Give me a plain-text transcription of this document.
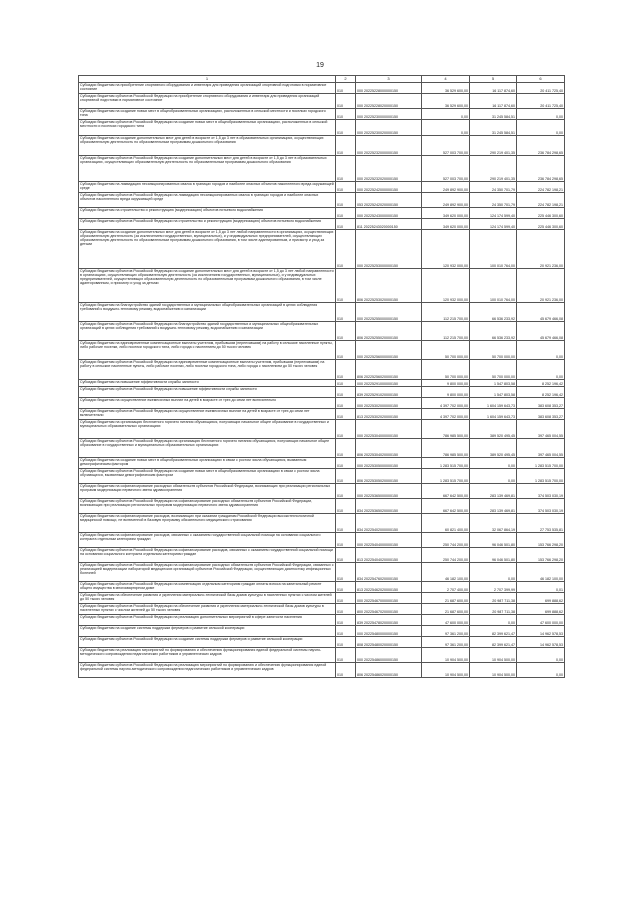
19
1	2	3	4	5	6
Субсидии бюджетам на приобретение спортивного оборудования и инвентаря для приведения организаций спортивной подготовки в нормативное состояние	010	000 20225228000000150	36 529 600,00	16 117 874,60	20 411 725,40
Субсидии бюджетам субъектов Российской Федерации на приобретение спортивного оборудования и инвентаря для приведения организаций спортивной подготовки в нормативное состояние	010	000 20225228020000150	36 529 600,00	16 117 874,60	20 411 725,40
Субсидии бюджетам на создание новых мест в общеобразовательных организациях, расположенных в сельской местности и поселках городского типа	010	000 20225230000000150	0,00	31 245 584,51	0,00
Субсидии бюджетам субъектов Российской Федерации на создание новых мест в общеобразовательных организациях, расположенных в сельской местности и поселках городского типа	010	000 20225230020000150	0,00	31 245 584,51	0,00
Субсидии бюджетам на создание дополнительных мест для детей в возрасте от 1,5 до 3 лет в образовательных организациях, осуществляющих образовательную деятельность по образовательным программам дошкольного образования	010	000 20225232000000150	527 003 700,00	290 219 401,35	236 784 298,65
Субсидии бюджетам субъектов Российской Федерации на создание дополнительных мест для детей в возрасте от 1,5 до 3 лет в образовательных организациях, осуществляющих образовательную деятельность по образовательным программам дошкольного образования	010	000 20225232020000150	527 003 700,00	290 219 401,35	236 784 298,65
Субсидии бюджетам на ликвидацию несанкционированных свалок в границах городов и наиболее опасных объектов накопленного вреда окружающей среде	010	000 20225242000000150	249 892 900,00	24 350 701,79	224 782 198,21
Субсидии бюджетам субъектов Российской Федерации на ликвидацию несанкционированных свалок в границах городов и наиболее опасных объектов накопленного вреда окружающей среде	010	053 20225242020000150	249 892 900,00	24 350 701,79	224 782 198,21
Субсидии бюджетам на строительство и реконструкцию (модернизацию) объектов питьевого водоснабжения	010	000 20225243000000150	349 620 000,00	124 174 599,40	225 446 300,60
Субсидии бюджетам субъектов Российской Федерации на строительство и реконструкцию (модернизацию) объектов питьевого водоснабжения	010	811 20225243020000150	349 620 000,00	124 174 599,40	225 446 300,60
Субсидии бюджетам на создание дополнительных мест для детей в возрасте от 1,5 до 3 лет любой направленности в организациях, осуществляющих образовательную деятельность (за исключением государственных, муниципальных), и у индивидуальных предпринимателей, осуществляющих образовательную деятельность по образовательным программам дошкольного образования, в том числе адаптированным, и присмотр и уход за детьми	010	000 20225253000000150	120 932 000,00	100 010 764,00	20 921 236,00
Субсидии бюджетам субъектов Российской Федерации на создание дополнительных мест для детей в возрасте от 1,5 до 3 лет любой направленности в организациях, осуществляющих образовательную деятельность (за исключением государственных, муниципальных), и у индивидуальных предпринимателей, осуществляющих образовательную деятельность по образовательным программам дошкольного образования, в том числе адаптированным, и присмотр и уход за детьми	010	806 20225253020000150	120 932 000,00	100 010 764,00	20 921 236,00
Субсидии бюджетам на благоустройство зданий государственных и муниципальных общеобразовательных организаций в целях соблюдения требований к воздушно-тепловому режиму, водоснабжению и канализации	010	000 20225255000000150	112 215 700,00	66 536 233,92	45 679 466,08
Субсидии бюджетам субъектов Российской Федерации на благоустройство зданий государственных и муниципальных общеобразовательных организаций в целях соблюдения требований к воздушно-тепловому режиму, водоснабжению и канализации	010	806 20225255020000150	112 215 700,00	66 536 233,92	45 679 466,08
Субсидии бюджетам на единовременные компенсационные выплаты учителям, прибывшим (переехавшим) на работу в сельские населенные пункты, либо рабочие поселки, либо поселки городского типа, либо города с населением до 50 тысяч человек	010	000 20225256000000150	50 700 000,00	50 700 000,00	0,00
Субсидии бюджетам субъектов Российской Федерации на единовременные компенсационные выплаты учителям, прибывшим (переехавшим) на работу в сельские населенные пункты, либо рабочие поселки, либо поселки городского типа, либо города с населением до 50 тысяч человек	010	806 20225256020000150	50 700 000,00	50 700 000,00	0,00
Субсидии бюджетам на повышение эффективности службы занятости	010	000 20225291000000150	9 800 000,00	1 547 803,58	8 252 196,42
Субсидии бюджетам субъектов Российской Федерации на повышение эффективности службы занятости	010	839 20225291020000150	9 800 000,00	1 547 803,58	8 252 196,42
Субсидии бюджетам на осуществление ежемесячных выплат на детей в возрасте от трех до семи лет включительно	010	000 20225302000000150	4 397 702 000,00	1 604 159 643,73	383 608 353,27
Субсидии бюджетам субъектов Российской Федерации на осуществление ежемесячных выплат на детей в возрасте от трех до семи лет включительно	010	813 20225302020000150	4 397 702 000,00	1 604 159 643,73	383 608 353,27
Субсидии бюджетам на организацию бесплатного горячего питания обучающихся, получающих начальное общее образование в государственных и муниципальных образовательных организациях	010	000 20225304000000150	786 985 500,00	389 520 495,45	397 465 004,55
Субсидии бюджетам субъектов Российской Федерации на организацию бесплатного горячего питания обучающихся, получающих начальное общее образование в государственных и муниципальных образовательных организациях	010	806 20225304020000150	786 985 500,00	389 520 495,45	397 465 004,55
Субсидии бюджетам на создание новых мест в общеобразовательных организациях в связи с ростом числа обучающихся, вызванным демографическим фактором	010	000 20225305000000150	1 283 515 700,00	0,00	1 283 515 700,00
Субсидии бюджетам субъектов Российской Федерации на создание новых мест в общеобразовательных организациях в связи с ростом числа обучающихся, вызванным демографическим фактором	010	806 20225305020000150	1 283 515 700,00	0,00	1 283 515 700,00
Субсидии бюджетам на софинансирование расходных обязательств субъектов Российской Федерации, возникающих при реализации региональных программ модернизации первичного звена здравоохранения	010	000 20225365000000150	667 642 500,00	283 139 469,81	374 503 030,19
Субсидии бюджетам субъектов Российской Федерации на софинансирование расходных обязательств субъектов Российской Федерации, возникающих при реализации региональных программ модернизации первичного звена здравоохранения	010	834 20225365020000150	667 642 500,00	283 139 469,81	374 503 030,19
Субсидии бюджетам на софинансирование расходов, возникающих при оказании гражданам Российской Федерации высокотехнологичной медицинской помощи, не включенной в базовую программу обязательного медицинского страхования	010	834 20225402000000150	60 821 400,00	32 067 864,19	27 753 535,81
Субсидии бюджетам на софинансирование расходов, связанных с оказанием государственной социальной помощи на основании социального контракта отдельным категориям граждан	010	000 20225404000000150	250 744 200,00	96 046 501,80	153 766 298,20
Субсидии бюджетам субъектов Российской Федерации на софинансирование расходов, связанных с оказанием государственной социальной помощи на основании социального контракта отдельным категориям граждан	010	813 20225404020000150	250 744 200,00	96 046 501,80	153 766 298,20
Субсидии бюджетам субъектов Российской Федерации на софинансирование расходных обязательств субъектов Российской Федерации, связанных с реализацией модернизации лабораторий медицинских организаций субъектов Российской Федерации, осуществляющих диагностику инфекционных болезней	010	834 20225476020000150	46 182 100,00	0,00	46 182 100,00
Субсидии бюджетам субъектов Российской Федерации на компенсацию отдельным категориям граждан оплаты взноса на капитальный ремонт общего имущества в многоквартирном доме	010	813 20225462020000150	2 707 400,00	2 707 399,99	0,01
Субсидии бюджетам на обеспечение развития и укрепления материально-технической базы домов культуры в населенных пунктах с числом жителей до 50 тысяч человек	010	000 20225467000000150	21 687 600,00	20 987 711,38	699 888,62
Субсидии бюджетам субъектов Российской Федерации на обеспечение развития и укрепления материально-технической базы домов культуры в населенных пунктах с числом жителей до 50 тысяч человек	010	800 20225467020000150	21 687 600,00	20 987 711,38	699 888,62
Субсидии бюджетам субъектов Российской Федерации на реализацию дополнительных мероприятий в сфере занятости населения	010	839 20225478020000150	47 600 000,00	0,00	47 600 000,00
Субсидии бюджетам на создание системы поддержки фермеров и развитие сельской кооперации	010	000 20225480000000150	97 361 200,00	82 399 621,47	14 962 578,53
Субсидии бюджетам субъектов Российской Федерации на создание системы поддержки фермеров и развитие сельской кооперации	010	808 20225480020000150	97 361 200,00	82 399 621,47	14 962 578,53
Субсидии бюджетам на реализацию мероприятий по формированию и обеспечению функционирования единой федеральной системы научно-методического сопровождения педагогических работников и управленческих кадров	010	000 20225486000000150	10 904 500,00	10 904 500,00	0,00
Субсидии бюджетам субъектов Российской Федерации на реализацию мероприятий по формированию и обеспечению функционирования единой федеральной системы научно-методического сопровождения педагогических работников и управленческих кадров	010	806 20225486020000150	10 904 500,00	10 904 500,00	0,00
